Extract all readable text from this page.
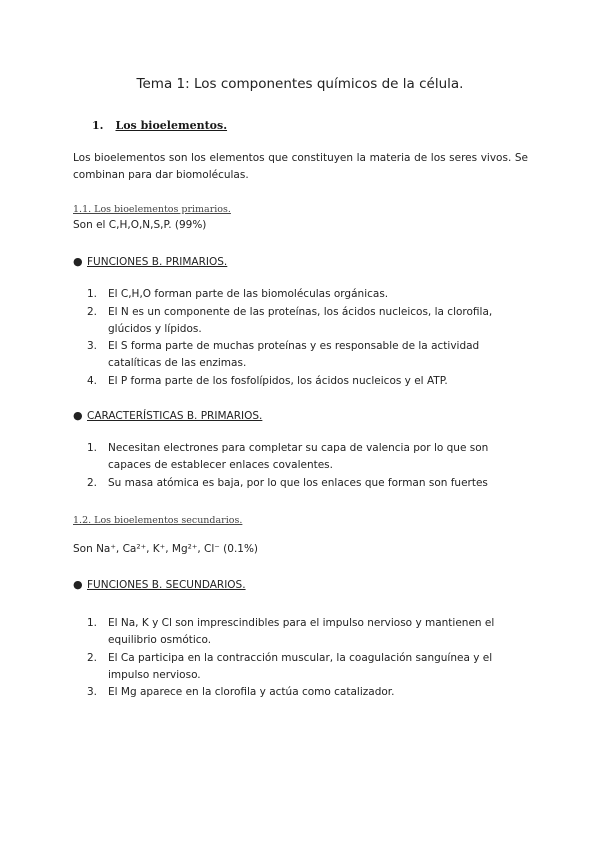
Tema 1: Los componentes químicos de la célula.
1. Los bioelementos.
Los bioelementos son los elementos que constituyen la materia de los seres vivos. Se combinan para dar biomoléculas.
1.1. Los bioelementos primarios.
Son el C,H,O,N,S,P. (99%)
● FUNCIONES B. PRIMARIOS.
1. El C,H,O forman parte de las biomoléculas orgánicas.
2. El N es un componente de las proteínas, los ácidos nucleicos, la clorofila, glúcidos y lípidos.
3. El S forma parte de muchas proteínas y es responsable de la actividad catalíticas de las enzimas.
4. El P forma parte de los fosfolípidos, los ácidos nucleicos y el ATP.
● CARACTERÍSTICAS B. PRIMARIOS.
1. Necesitan electrones para completar su capa de valencia por lo que son capaces de establecer enlaces covalentes.
2. Su masa atómica es baja, por lo que los enlaces que forman son fuertes
1.2. Los bioelementos secundarios.
Son Na⁺, Ca²⁺, K⁺, Mg²⁺, Cl⁻ (0.1%)
● FUNCIONES B. SECUNDARIOS.
1. El Na, K y Cl son imprescindibles para el impulso nervioso y mantienen el equilibrio osmótico.
2. El Ca participa en la contracción muscular, la coagulación sanguínea y el impulso nervioso.
3. El Mg aparece en la clorofila y actúa como catalizador.
